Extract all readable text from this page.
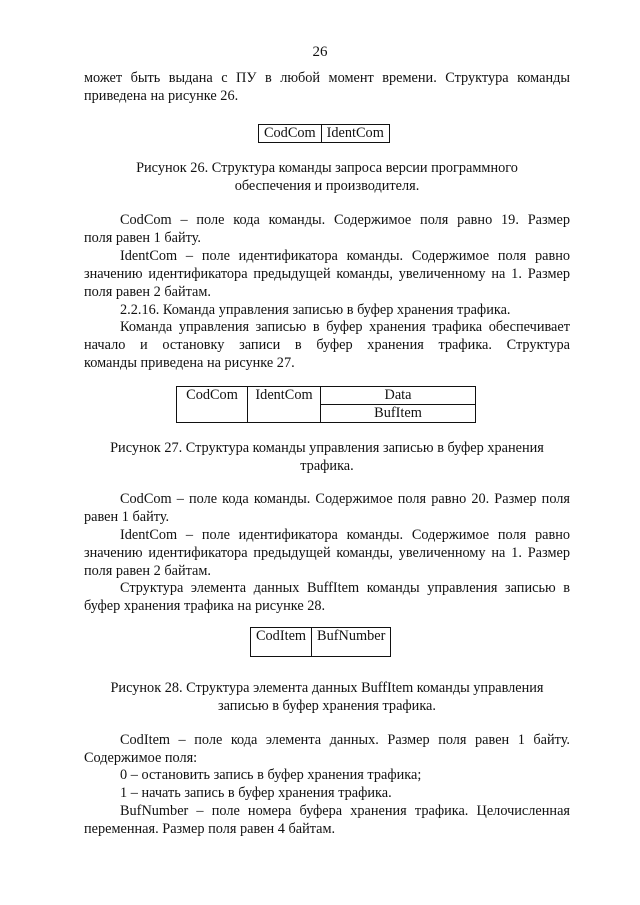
26

может быть выдана с ПУ в любой момент времени. Структура команды

приведена на рисунке 26.

CodCom	IdentCom

Рисунок 26. Структура команды запроса версии программного

обеспечения и производителя.

CodCom – поле кода команды. Содержимое поля равно 19. Размер

поля равен 1 байту.

IdentCom – поле идентификатора команды. Содержимое поля равно

значению идентификатора предыдущей команды, увеличенному на 1. Размер

поля равен 2 байтам.

2.2.16. Команда управления записью в буфер хранения трафика.

Команда управления записью в буфер хранения трафика обеспечивает

начало и остановку записи в буфер хранения трафика. Структура

команды приведена на рисунке 27.

CodCom	IdentCom	Data
BufItem

Рисунок 27. Структура команды управления записью в буфер хранения

трафика.

CodCom – поле кода команды. Содержимое поля равно 20. Размер поля

равен 1 байту.

IdentCom – поле идентификатора команды. Содержимое поля равно

значению идентификатора предыдущей команды, увеличенному на 1. Размер

поля равен 2 байтам.

Структура элемента данных BuffItem команды управления записью в

буфер хранения трафика на рисунке 28.

CodItem	BufNumber

Рисунок 28. Структура элемента данных BuffItem команды управления

записью в буфер хранения трафика.

CodItem – поле кода элемента данных. Размер поля равен 1 байту.

Содержимое поля:

0 – остановить запись в буфер хранения трафика;

1 – начать запись в буфер хранения трафика.

BufNumber – поле номера буфера хранения трафика. Целочисленная

переменная. Размер поля равен 4 байтам.
